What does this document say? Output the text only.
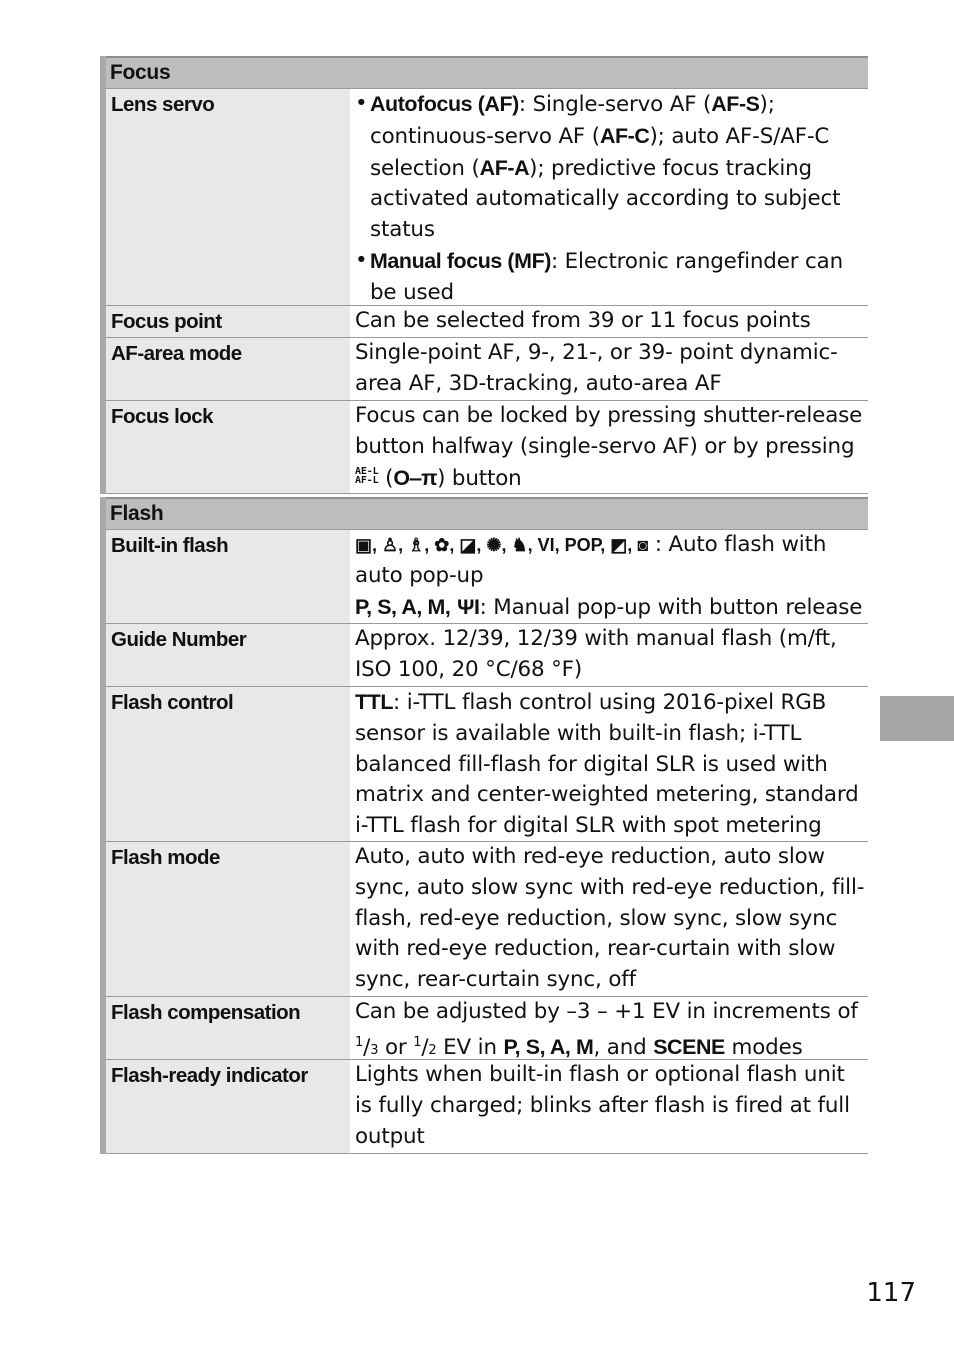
Focus
Lens servo	• Autofocus (AF): Single-servo AF (AF-S); continuous-servo AF (AF-C); auto AF-S/AF-C selection (AF-A); predictive focus tracking activated automatically according to subject status
• Manual focus (MF): Electronic rangefinder can be used
Focus point	Can be selected from 39 or 11 focus points
AF-area mode	Single-point AF, 9-, 21-, or 39- point dynamic-area AF, 3D-tracking, auto-area AF
Focus lock	Focus can be locked by pressing shutter-release button halfway (single-servo AF) or by pressing AE-L
AF-L (O‒π) button
Flash
Built-in flash	▣, ♙, ♗, ✿, ◪, ✺, ♞, VI, POP, ◩, ◙ : Auto flash with auto pop-up
P, S, A, M, ΨI: Manual pop-up with button release
Guide Number	Approx. 12/39, 12/39 with manual flash (m/ft, ISO 100, 20 °C/68 °F)
Flash control	TTL: i-TTL flash control using 2016-pixel RGB sensor is available with built-in flash; i-TTL balanced fill-flash for digital SLR is used with matrix and center-weighted metering, standard i-TTL flash for digital SLR with spot metering
Flash mode	Auto, auto with red-eye reduction, auto slow sync, auto slow sync with red-eye reduction, fill-flash, red-eye reduction, slow sync, slow sync with red-eye reduction, rear-curtain with slow sync, rear-curtain sync, off
Flash compensation	Can be adjusted by –3 – +1 EV in increments of $^1$/3 or $^1$/2 EV in P, S, A, M, and SCENE modes
Flash-ready indicator	Lights when built-in flash or optional flash unit is fully charged; blinks after flash is fired at full output
117
